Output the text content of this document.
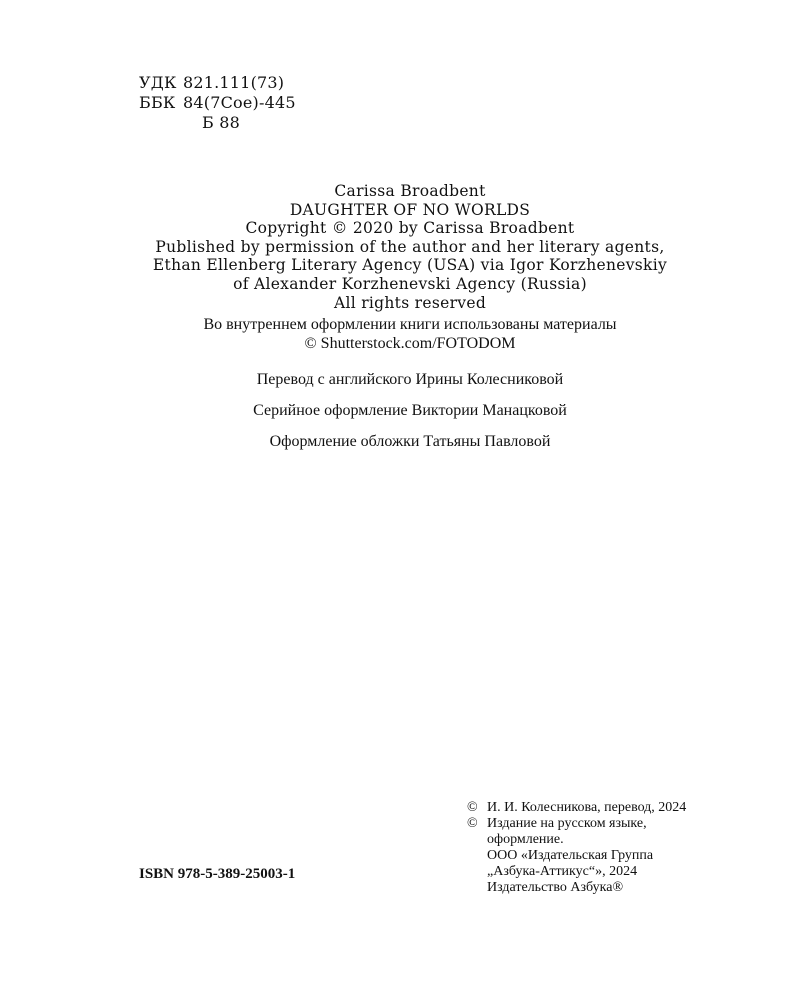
УДК 821.111(73)
ББК 84(7Сое)-445
Б 88
Carissa Broadbent
DAUGHTER OF NO WORLDS
Copyright © 2020 by Carissa Broadbent
Published by permission of the author and her literary agents,
Ethan Ellenberg Literary Agency (USA) via Igor Korzhenevskiy
of Alexander Korzhenevski Agency (Russia)
All rights reserved

Во внутреннем оформлении книги использованы материалы

© Shutterstock.com/FOTODOM

Перевод с английского Ирины Колесниковой

Серийное оформление Виктории Манацковой

Оформление обложки Татьяны Павловой

ISBN 978-5-389-25003-1
© И. И. Колесникова, перевод, 2024
© Издание на русском языке,
оформление.
ООО «Издательская Группа
„Азбука-Аттикус“», 2024
Издательство Азбука®
